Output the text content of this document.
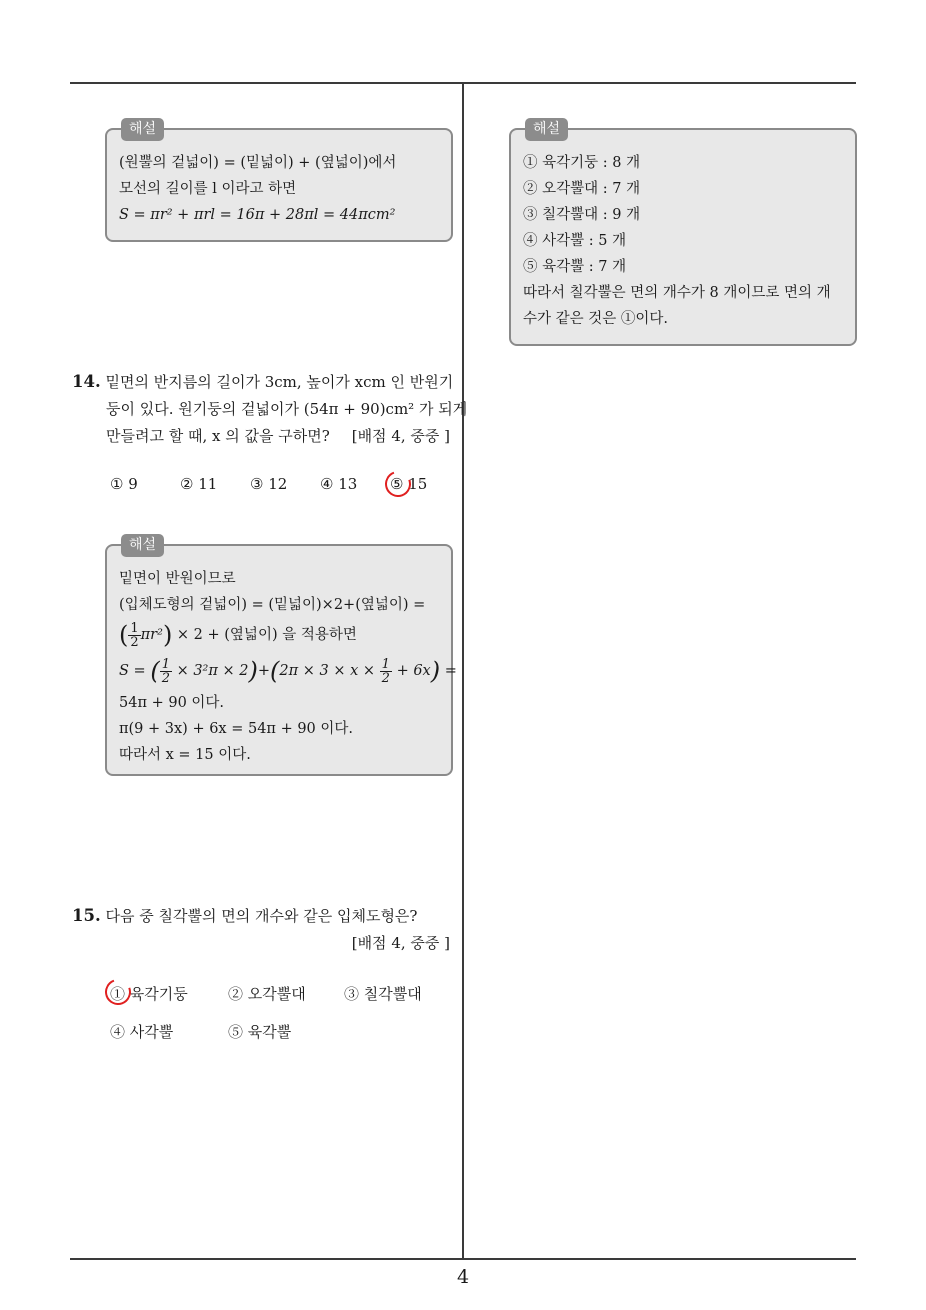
해설

(원뿔의 겉넓이) = (밑넓이) + (옆넓이)에서

모선의 길이를 l 이라고 하면

S = πr² + πrl = 16π + 28πl = 44πcm²

14. 밑면의 반지름의 길이가 3cm, 높이가 xcm 인 반원기

둥이 있다. 원기둥의 겉넓이가 (54π + 90)cm² 가 되게

만들려고 할 때, x 의 값을 구하면? [배점 4, 중중 ]

① 9	② 11 ③ 12 ④ 13 ⑤ 15
해설

밑면이 반원이므로

(입체도형의 겉넓이) = (밑넓이)×2+(옆넓이) =

( $\frac{1}{2} \pi r^2) \times 2$ + (옆넓이) 을 적용하면

S = ( $\frac{1}{2} \times 3^2\pi \times 2)+(2\pi \times 3 \times x \times \frac{1}{2} + 6x)$ =

54π + 90 이다.

π(9 + 3x) + 6x = 54π + 90 이다.

따라서 x = 15 이다.

15. 다음 중 칠각뿔의 면의 개수와 같은 입체도형은?

[배점 4, 중중 ]
① 육각기둥	② 오각뿔대	③ 칠각뿔대
④ 사각뿔	⑤ 육각뿔
해설

① 육각기둥 : 8 개

② 오각뿔대 : 7 개

③ 칠각뿔대 : 9 개

④ 사각뿔 : 5 개

⑤ 육각뿔 : 7 개

따라서 칠각뿔은 면의 개수가 8 개이므로 면의 개

수가 같은 것은 ①이다.

4
